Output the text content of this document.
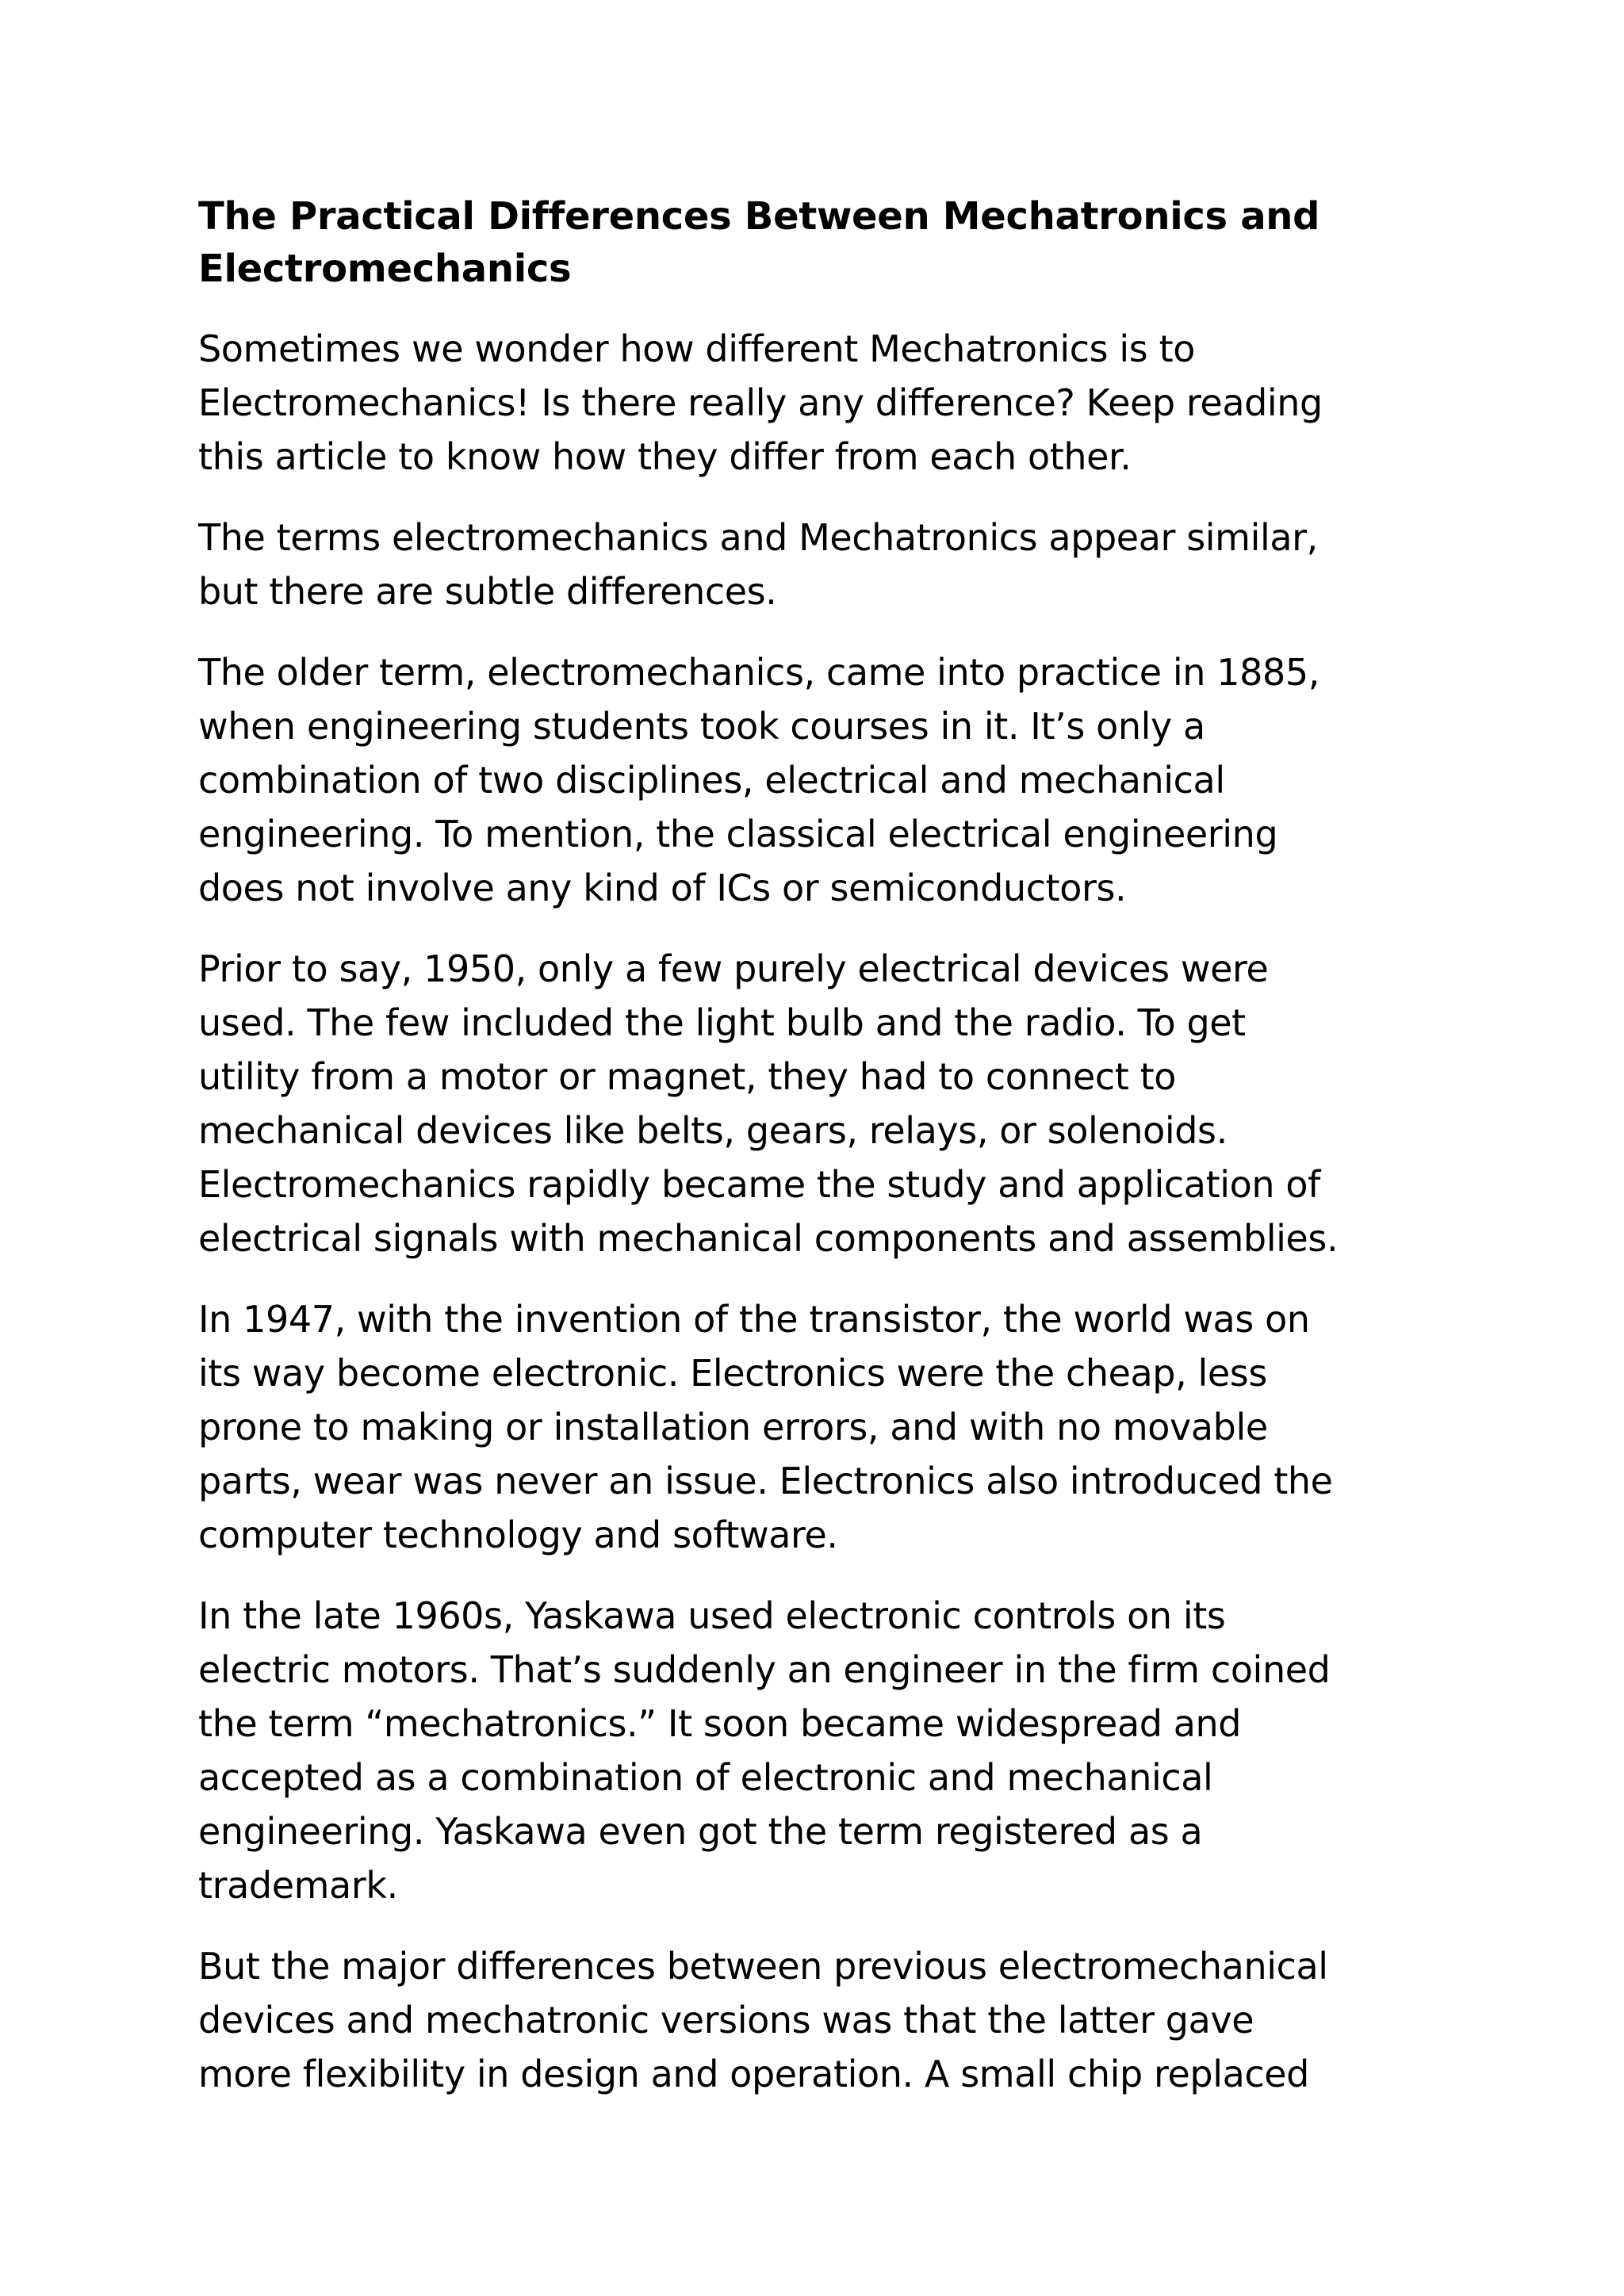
The Practical Differences Between Mechatronics and
Electromechanics
Sometimes we wonder how different Mechatronics is to
Electromechanics! Is there really any difference? Keep reading
this article to know how they differ from each other.
The terms electromechanics and Mechatronics appear similar,
but there are subtle differences.
The older term, electromechanics, came into practice in 1885,
when engineering students took courses in it. It’s only a
combination of two disciplines, electrical and mechanical
engineering. To mention, the classical electrical engineering
does not involve any kind of ICs or semiconductors.
Prior to say, 1950, only a few purely electrical devices were
used. The few included the light bulb and the radio. To get
utility from a motor or magnet, they had to connect to
mechanical devices like belts, gears, relays, or solenoids.
Electromechanics rapidly became the study and application of
electrical signals with mechanical components and assemblies.
In 1947, with the invention of the transistor, the world was on
its way become electronic. Electronics were the cheap, less
prone to making or installation errors, and with no movable
parts, wear was never an issue. Electronics also introduced the
computer technology and software.
In the late 1960s, Yaskawa used electronic controls on its
electric motors. That’s suddenly an engineer in the firm coined
the term “mechatronics.” It soon became widespread and
accepted as a combination of electronic and mechanical
engineering. Yaskawa even got the term registered as a
trademark.
But the major differences between previous electromechanical
devices and mechatronic versions was that the latter gave
more flexibility in design and operation. A small chip replaced
